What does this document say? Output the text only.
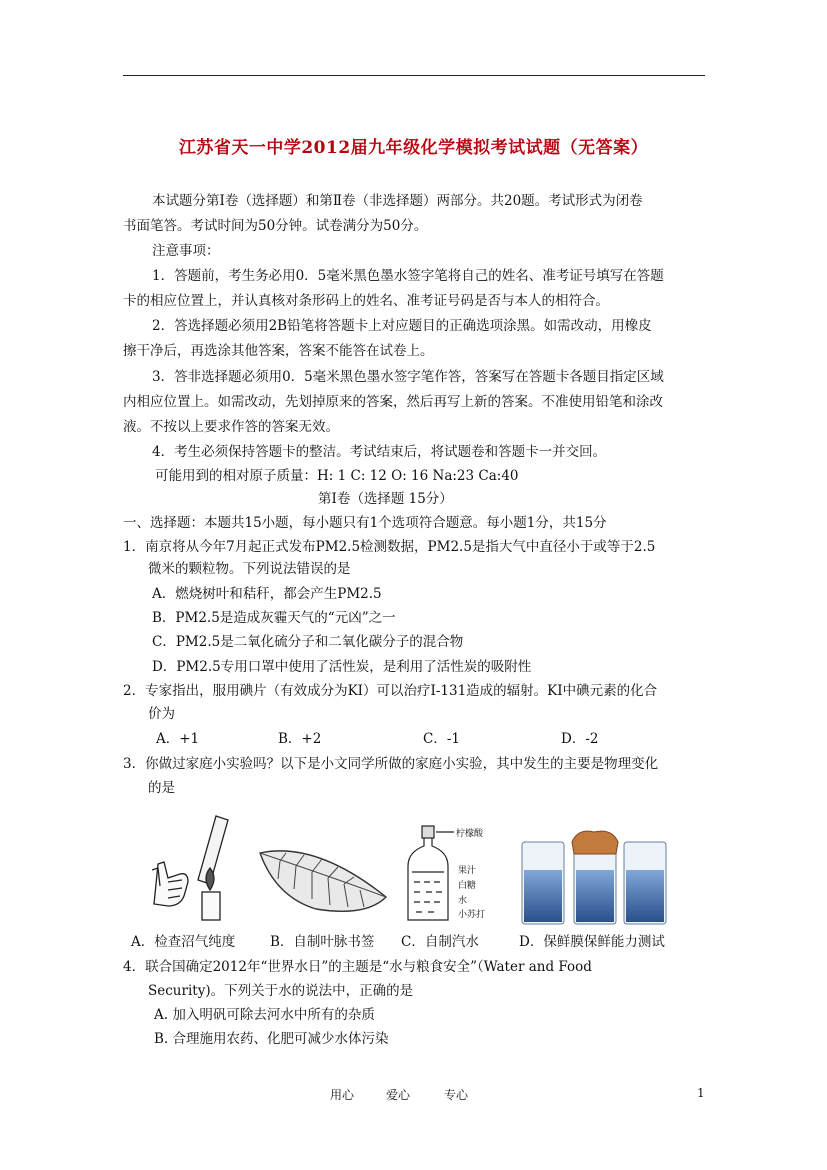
江苏省天一中学2012届九年级化学模拟考试试题（无答案）
本试题分第Ⅰ卷（选择题）和第Ⅱ卷（非选择题）两部分。共20题。考试形式为闭卷
书面笔答。考试时间为50分钟。试卷满分为50分。
注意事项：
1．答题前，考生务必用0．5毫米黑色墨水签字笔将自己的姓名、准考证号填写在答题
卡的相应位置上，并认真核对条形码上的姓名、准考证号码是否与本人的相符合。
2．答选择题必须用2B铅笔将答题卡上对应题目的正确选项涂黑。如需改动，用橡皮
擦干净后，再选涂其他答案，答案不能答在试卷上。
3．答非选择题必须用0．5毫米黑色墨水签字笔作答，答案写在答题卡各题目指定区域
内相应位置上。如需改动，先划掉原来的答案，然后再写上新的答案。不准使用铅笔和涂改
液。不按以上要求作答的答案无效。
4．考生必须保持答题卡的整洁。考试结束后，将试题卷和答题卡一并交回。
可能用到的相对原子质量：H: 1 C: 12 O: 16 Na:23 Ca:40
第Ⅰ卷（选择题 15分）
一、选择题：本题共15小题，每小题只有1个选项符合题意。每小题1分，共15分
1．南京将从今年7月起正式发布PM2.5检测数据，PM2.5是指大气中直径小于或等于2.5
微米的颗粒物。下列说法错误的是
A．燃烧树叶和秸秆，都会产生PM2.5
B．PM2.5是造成灰霾天气的“元凶”之一
C．PM2.5是二氧化硫分子和二氧化碳分子的混合物
D．PM2.5专用口罩中使用了活性炭，是利用了活性炭的吸附性
2．专家指出，服用碘片（有效成分为KI）可以治疗I-131造成的辐射。KI中碘元素的化合
价为
A．+1	B．+2	C．-1	D．-2
3．你做过家庭小实验吗？以下是小文同学所做的家庭小实验，其中发生的主要是物理变化
的是
柠檬酸
果汁
白糖
水
小苏打
A．检查沼气纯度	B．自制叶脉书签 C．自制汽水	D．保鲜膜保鲜能力测试
4．联合国确定2012年“世界水日”的主题是“水与粮食安全”（Water and Food
Security)。下列关于水的说法中，正确的是
A. 加入明矾可除去河水中所有的杂质
B. 合理施用农药、化肥可减少水体污染
用心	爱心	专心	1
